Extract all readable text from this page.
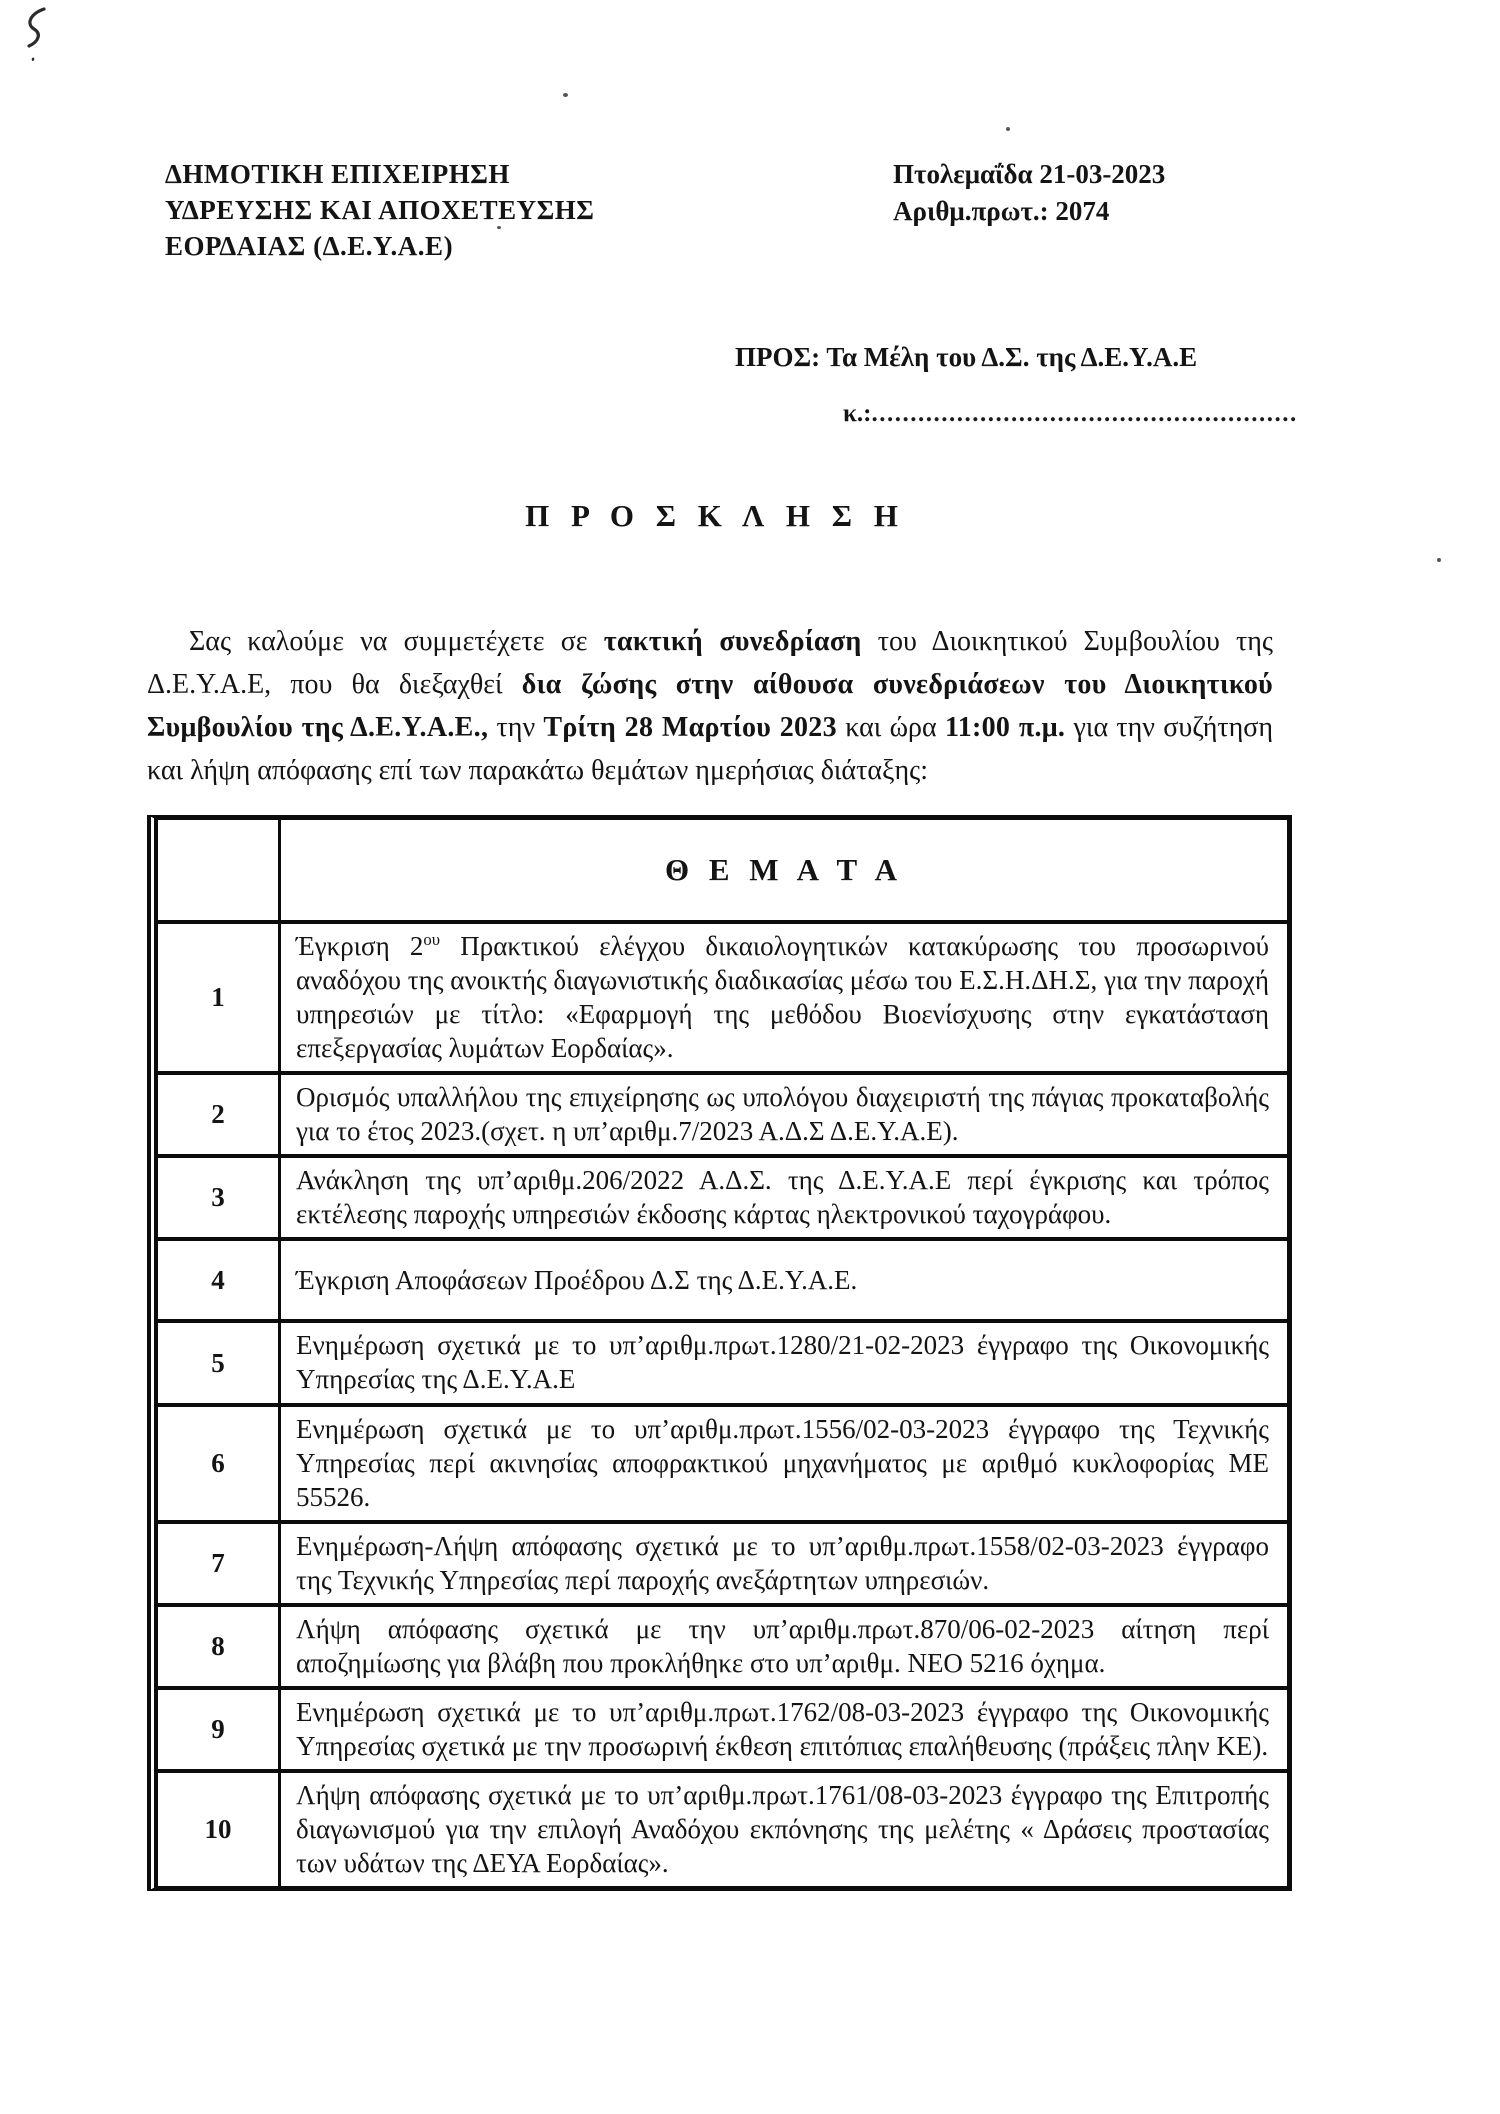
ΔΗΜΟΤΙΚΗ ΕΠΙΧΕΙΡΗΣΗ
ΥΔΡΕΥΣΗΣ ΚΑΙ ΑΠΟΧΕΤΕΥΣΗΣ
ΕΟΡΔΑΙΑΣ (Δ.Ε.Υ.Α.Ε)
Πτολεμαΐδα 21-03-2023
Αριθμ.πρωτ.: 2074
ΠΡΟΣ: Τα Μέλη του Δ.Σ. της Δ.Ε.Υ.Α.Ε
κ.:.......................................................
Π Ρ Ο Σ Κ Λ Η Σ Η
Σας καλούμε να συμμετέχετε σε τακτική συνεδρίαση του Διοικητικού Συμβουλίου της Δ.Ε.Υ.Α.Ε, που θα διεξαχθεί δια ζώσης στην αίθουσα συνεδριάσεων του Διοικητικού Συμβουλίου της Δ.Ε.Υ.Α.Ε., την Τρίτη 28 Μαρτίου 2023 και ώρα 11:00 π.μ. για την συζήτηση και λήψη απόφασης επί των παρακάτω θεμάτων ημερήσιας διάταξης:
Θ Ε Μ Α Τ Α
1
Έγκριση $2^{o\upsilon}$ Πρακτικού ελέγχου δικαιολογητικών κατακύρωσης του προσωρινού αναδόχου της ανοικτής διαγωνιστικής διαδικασίας μέσω του Ε.Σ.Η.ΔΗ.Σ, για την παροχή υπηρεσιών με τίτλο: «Εφαρμογή της μεθόδου Βιοενίσχυσης στην εγκατάσταση επεξεργασίας λυμάτων Εορδαίας».
2
Ορισμός υπαλλήλου της επιχείρησης ως υπολόγου διαχειριστή της πάγιας προκαταβολής για το έτος 2023.(σχετ. η υπ’αριθμ.7/2023 Α.Δ.Σ Δ.Ε.Υ.Α.Ε).
3
Ανάκληση της υπ’αριθμ.206/2022 Α.Δ.Σ. της Δ.Ε.Υ.Α.Ε περί έγκρισης και τρόπος εκτέλεσης παροχής υπηρεσιών έκδοσης κάρτας ηλεκτρονικού ταχογράφου.
4	Έγκριση Αποφάσεων Προέδρου Δ.Σ της Δ.Ε.Υ.Α.Ε.
5
Ενημέρωση σχετικά με το υπ’αριθμ.πρωτ.1280/21-02-2023 έγγραφο της Οικονομικής Υπηρεσίας της Δ.Ε.Υ.Α.Ε
6
Ενημέρωση σχετικά με το υπ’αριθμ.πρωτ.1556/02-03-2023 έγγραφο της Τεχνικής Υπηρεσίας περί ακινησίας αποφρακτικού μηχανήματος με αριθμό κυκλοφορίας ΜΕ 55526.
7
Ενημέρωση-Λήψη απόφασης σχετικά με το υπ’αριθμ.πρωτ.1558/02-03-2023 έγγραφο της Τεχνικής Υπηρεσίας περί παροχής ανεξάρτητων υπηρεσιών.
8
Λήψη απόφασης σχετικά με την υπ’αριθμ.πρωτ.870/06-02-2023 αίτηση περί αποζημίωσης για βλάβη που προκλήθηκε στο υπ’αριθμ. ΝΕΟ 5216 όχημα.
9
Ενημέρωση σχετικά με το υπ’αριθμ.πρωτ.1762/08-03-2023 έγγραφο της Οικονομικής Υπηρεσίας σχετικά με την προσωρινή έκθεση επιτόπιας επαλήθευσης (πράξεις πλην ΚΕ).
10
Λήψη απόφασης σχετικά με το υπ’αριθμ.πρωτ.1761/08-03-2023 έγγραφο της Επιτροπής διαγωνισμού για την επιλογή Αναδόχου εκπόνησης της μελέτης « Δράσεις προστασίας των υδάτων της ΔΕΥΑ Εορδαίας».
